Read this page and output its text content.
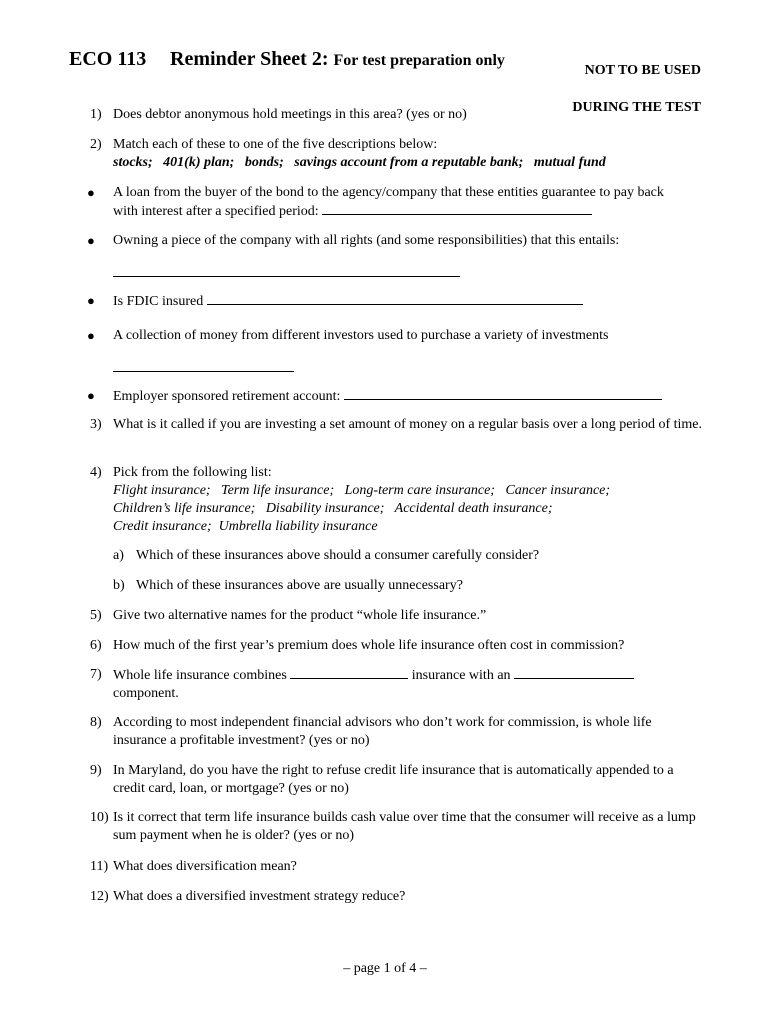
ECO 113 Reminder Sheet 2: For test preparation only
NOT TO BE USED
DURING THE TEST
1) Does debtor anonymous hold meetings in this area? (yes or no)
2) Match each of these to one of the five descriptions below:
stocks;   401(k) plan;   bonds;   savings account from a reputable bank;   mutual fund
● A loan from the buyer of the bond to the agency/company that these entities guarantee to pay back with interest after a specified period:
● Owning a piece of the company with all rights (and some responsibilities) that this entails:
● Is FDIC insured
● A collection of money from different investors used to purchase a variety of investments
● Employer sponsored retirement account:
3) What is it called if you are investing a set amount of money on a regular basis over a long period of time.
4) Pick from the following list:
Flight insurance;   Term life insurance;   Long-term care insurance;   Cancer insurance;
Children’s life insurance;   Disability insurance;   Accidental death insurance;
Credit insurance;  Umbrella liability insurance
a) Which of these insurances above should a consumer carefully consider?
b) Which of these insurances above are usually unnecessary?
5) Give two alternative names for the product “whole life insurance.”
6) How much of the first year’s premium does whole life insurance often cost in commission?
7) Whole life insurance combines	insurance with an
component.
8) According to most independent financial advisors who don’t work for commission, is whole life insurance a profitable investment? (yes or no)
9) In Maryland, do you have the right to refuse credit life insurance that is automatically appended to a credit card, loan, or mortgage? (yes or no)
10) Is it correct that term life insurance builds cash value over time that the consumer will receive as a lump sum payment when he is older? (yes or no)
11) What does diversification mean?
12) What does a diversified investment strategy reduce?
– page 1 of 4 –
